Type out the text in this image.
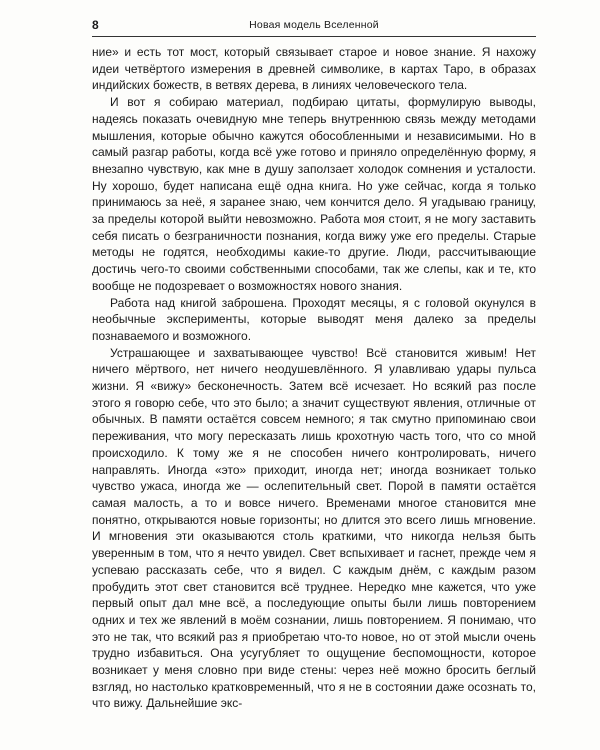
8	Новая модель Вселенной

ние» и есть тот мост, который связывает старое и новое знание. Я нахожу идеи четвёртого измерения в древней символике, в картах Таро, в образах индийских божеств, в ветвях дерева, в линиях человеческого тела.

И вот я собираю материал, подбираю цитаты, формулирую выводы, надеясь показать очевидную мне теперь внутреннюю связь между методами мышления, которые обычно кажутся обособленными и независимыми. Но в самый разгар работы, когда всё уже готово и приняло определённую форму, я внезапно чувствую, как мне в душу заползает холодок сомнения и усталости. Ну хорошо, будет написана ещё одна книга. Но уже сейчас, когда я только принимаюсь за неё, я заранее знаю, чем кончится дело. Я угадываю границу, за пределы которой выйти невозможно. Работа моя стоит, я не могу заставить себя писать о безграничности познания, когда вижу уже его пределы. Старые методы не годятся, необходимы какие-то другие. Люди, рассчитывающие достичь чего-то своими собственными способами, так же слепы, как и те, кто вообще не подозревает о возможностях нового знания.

Работа над книгой заброшена. Проходят месяцы, я с головой окунулся в необычные эксперименты, которые выводят меня далеко за пределы познаваемого и возможного.

Устрашающее и захватывающее чувство! Всё становится живым! Нет ничего мёртвого, нет ничего неодушевлённого. Я улавливаю удары пульса жизни. Я «вижу» бесконечность. Затем всё исчезает. Но всякий раз после этого я говорю себе, что это было; а значит существуют явления, отличные от обычных. В памяти остаётся совсем немного; я так смутно припоминаю свои переживания, что могу пересказать лишь крохотную часть того, что со мной происходило. К тому же я не способен ничего контролировать, ничего направлять. Иногда «это» приходит, иногда нет; иногда возникает только чувство ужаса, иногда же — ослепительный свет. Порой в памяти остаётся самая малость, а то и вовсе ничего. Временами многое становится мне понятно, открываются новые горизонты; но длится это всего лишь мгновение. И мгновения эти оказываются столь краткими, что никогда нельзя быть уверенным в том, что я нечто увидел. Свет вспыхивает и гаснет, прежде чем я успеваю рассказать себе, что я видел. С каждым днём, с каждым разом пробудить этот свет становится всё труднее. Нередко мне кажется, что уже первый опыт дал мне всё, а последующие опыты были лишь повторением одних и тех же явлений в моём сознании, лишь повторением. Я понимаю, что это не так, что всякий раз я приобретаю что-то новое, но от этой мысли очень трудно избавиться. Она усугубляет то ощущение беспомощности, которое возникает у меня словно при виде стены: через неё можно бросить беглый взгляд, но настолько кратковременный, что я не в состоянии даже осознать то, что вижу. Дальнейшие экс-
